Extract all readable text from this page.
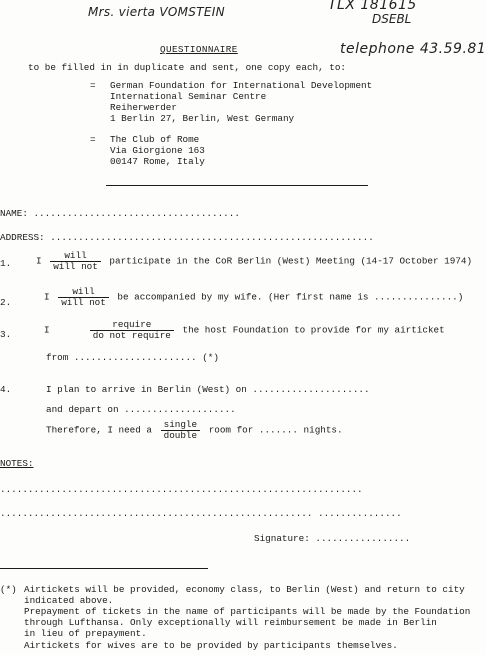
Mrs. vierta VOMSTEIN	TLX 181615
DSEBL
telephone 43.59.81
QUESTIONNAIRE
to be filled in in duplicate and sent, one copy each, to:
= German Foundation for International Development
International Seminar Centre
Reiherwerder
1 Berlin 27, Berlin, West Germany
= The Club of Rome
Via Giorgione 163
00147 Rome, Italy
NAME: .....................................
ADDRESS: ..........................................................
1.	I $\frac{\text{will}}{\text{will not}}$ participate in the CoR Berlin (West) Meeting (14-17 October 1974)
2.	I $\frac{\text{will}}{\text{will not}}$ be accompanied by my wife. (Her first name is ...............)
3.	I	$\frac{\text{require}}{\text{do not require}}$ the host Foundation to provide for my airticket
from ...................... (*)
4.	I plan to arrive in Berlin (West) on .....................
and depart on ....................
Therefore, I need a $\frac{\text{single}}{\text{double}}$ room for ....... nights.
NOTES:
.................................................................
........................................................ ...............
Signature: .................
(*) Airtickets will be provided, economy class, to Berlin (West) and return to city
indicated above.
Prepayment of tickets in the name of participants will be made by the Foundation
through Lufthansa. Only exceptionally will reimbursement be made in Berlin
in lieu of prepayment.
Airtickets for wives are to be provided by participants themselves.
